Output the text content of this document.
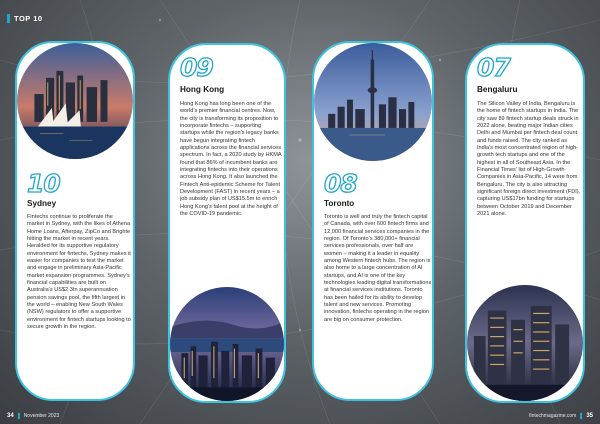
TOP 10
10
Sydney
Fintechs continue to proliferate the market in Sydney, with the likes of Athena Home Loans, Afterpay, ZipCo and Brighte hitting the market in recent years. Heralded for its supportive regulatory environment for fintechs, Sydney makes it easier for companies to test the market and engage in preliminary Asia-Pacific market expansion programmes. Sydney’s financial capabilities are built on Australia’s US$2.3tn superannuation pension savings pool, the fifth largest in the world – enabling New South Wales (NSW) regulators to offer a supportive environment for fintech startups looking to secure growth in the region.
09
Hong Kong
Hong Kong has long been one of the world’s premier financial centres. Now, the city is transforming its proposition to incorporate fintechs – supporting startups while the region’s legacy banks have begun integrating fintech applications across the financial services spectrum. In fact, a 2020 study by HKMA found that 86% of incumbent banks are integrating fintechs into their operations across Hong Kong. It also launched the Fintech Anti-epidemic Scheme for Talent Development (FAST) in recent years – a job subsidy plan of US$15.5m to enrich Hong Kong’s talent pool at the height of the COVID-19 pandemic.
08
Toronto
Toronto is well and truly the fintech capital of Canada, with over 600 fintech firms and 12,000 financial services companies in the region. Of Toronto’s 380,000+ financial services professionals, over half are women – making it a leader in equality among Western fintech hubs. The region is also home to a large concentration of AI startups, and AI is one of the key technologies leading digital transformations at financial services institutions. Toronto has been hailed for its ability to develop talent and new services. Promoting innovation, fintechs operating in the region are big on consumer protection.
07
Bengaluru
The Silicon Valley of India, Bengaluru is the home of fintech startups in India. The city saw 89 fintech startup deals struck in 2022 alone, beating major Indian cities Delhi and Mumbai per fintech deal count and funds raised. The city ranked as India’s most concentrated region of high-growth tech startups and one of the highest in all of Southeast Asia. In the Financial Times’ list of High-Growth Companies in Asia-Pacific, 14 were from Bengaluru. The city is also attracting significant foreign direct investment (FDI), capturing US$17bn funding for startups between October 2019 and December 2021 alone.
34 November 2023	fintechmagazine.com 35
